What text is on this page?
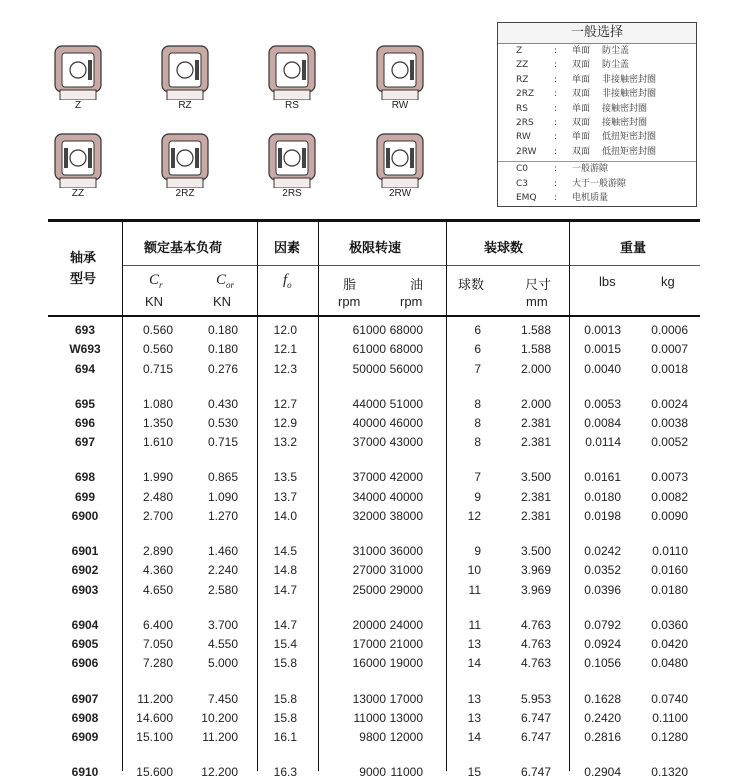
Z	RZ	RS	RW
ZZ	2RZ	2RS	2RW
一般选择
Z	: 单面 防尘盖
ZZ	: 双面 防尘盖
RZ	: 单面 非接触密封圈
2RZ : 双面 非接触密封圈
RS	: 单面 接触密封圈
2RS : 双面 接触密封圈
RW	: 单面 低扭矩密封圈
2RW : 双面 低扭矩密封圈
C0	: 一般游隙
C3	: 大于一般游隙
EMQ : 电机质量
轴承
型号
额定基本负荷	因素	极限转速	装球数	重量
$C_r$	$C_{or}$	$f_o$	脂	油	球数	尺寸	lbs	kg
KN	KN	rpm	rpm	mm
693	0.560	0.180	12.0	61000 68000	6	1.588	0.0013	0.0006
W693	0.560	0.180	12.1	61000 68000	6	1.588	0.0015	0.0007
694	0.715	0.276	12.3	50000 56000	7	2.000	0.0040	0.0018
695	1.080	0.430	12.7	44000 51000	8	2.000	0.0053	0.0024
696	1.350	0.530	12.9	40000 46000	8	2.381	0.0084	0.0038
697	1.610	0.715	13.2	37000 43000	8	2.381	0.0114	0.0052
698	1.990	0.865	13.5	37000 42000	7	3.500	0.0161	0.0073
699	2.480	1.090	13.7	34000 40000	9	2.381	0.0180	0.0082
6900	2.700	1.270	14.0	32000 38000	12	2.381	0.0198	0.0090
6901	2.890	1.460	14.5	31000 36000	9	3.500	0.0242	0.0110
6902	4.360	2.240	14.8	27000 31000	10	3.969	0.0352	0.0160
6903	4.650	2.580	14.7	25000 29000	11	3.969	0.0396	0.0180
6904	6.400	3.700	14.7	20000 24000	11	4.763	0.0792	0.0360
6905	7.050	4.550	15.4	17000 21000	13	4.763	0.0924	0.0420
6906	7.280	5.000	15.8	16000 19000	14	4.763	0.1056	0.0480
6907	11.200	7.450	15.8	13000 17000	13	5.953	0.1628	0.0740
6908	14.600	10.200	15.8	11000 13000	13	6.747	0.2420	0.1100
6909	15.100	11.200	16.1	9800 12000	14	6.747	0.2816	0.1280
6910	15.600	12.200	16.3	9000 11000	15	6.747	0.2904	0.1320
